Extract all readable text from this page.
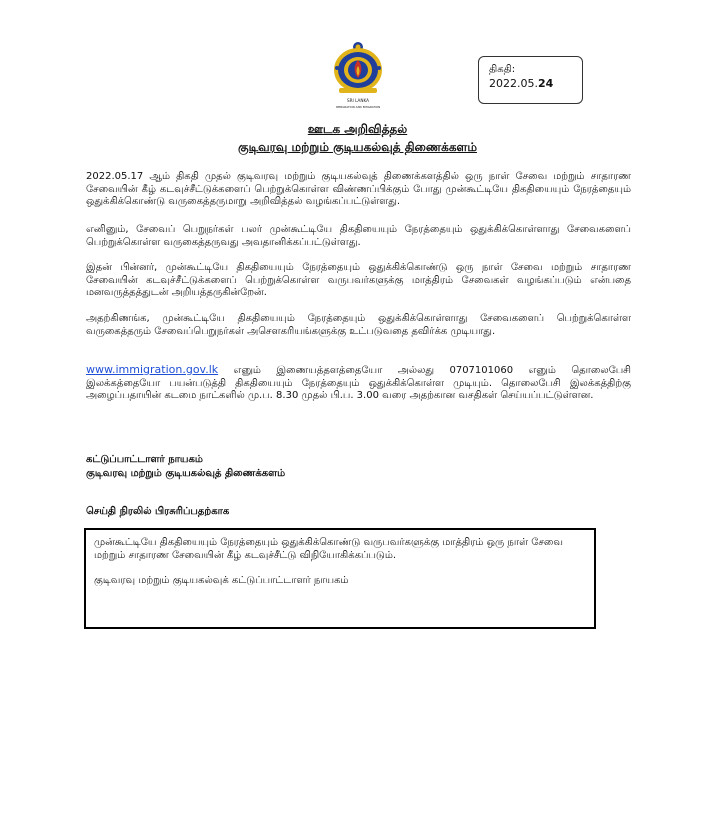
SRI LANKA
IMMIGRATION AND EMIGRATION
திகதி:
2022.05.24
ஊடக அறிவித்தல்
குடிவரவு மற்றும் குடியகல்வுத் திணைக்களம்

2022.05.17 ஆம் திகதி முதல் குடிவரவு மற்றும் குடியகல்வுத் திணைக்களத்தில் ஒரு நாள் சேவை மற்றும் சாதாரண சேவையின் கீழ் கடவுச்சீட்டுக்களைப் பெற்றுக்கொள்ள விண்ணப்பிக்கும் போது முன்கூட்டியே திகதியையும் நேரத்தையும் ஒதுக்கிக்கொண்டு வருகைத்தருமாறு அறிவித்தல் வழங்கப்பட்டுள்ளது.

எனினும், சேவைப் பெறுநர்கள் பலர் முன்கூட்டியே திகதியையும் நேரத்தையும் ஒதுக்கிக்கொள்ளாது சேவைகளைப் பெற்றுக்கொள்ள வருகைத்தருவது அவதானிக்கப்பட்டுள்ளது.

இதன் பின்னர், முன்கூட்டியே திகதியையும் நேரத்தையும் ஒதுக்கிக்கொண்டு ஒரு நாள் சேவை மற்றும் சாதாரண சேவையின் கடவுச்சீட்டுக்களைப் பெற்றுக்கொள்ள வருபவர்களுக்கு மாத்திரம் சேவைகள் வழங்கப்படும் என்பதை மனவருத்தத்துடன் அறியத்தருகின்றேன்.

அதற்கிணங்க, முன்கூட்டியே திகதியையும் நேரத்தையும் ஒதுக்கிக்கொள்ளாது சேவைகளைப் பெற்றுக்கொள்ள வருகைத்தரும் சேவைப்பெறுநர்கள் அசௌகரியங்களுக்கு உட்படுவதை தவிர்க்க முடியாது.

www.immigration.gov.lk எனும் இணையத்தளத்தையோ அல்லது 0707101060 எனும் தொலைபேசி இலக்கத்தையோ பயன்படுத்தி திகதியையும் நேரத்தையும் ஒதுக்கிக்கொள்ள முடியும். தொலைபேசி இலக்கத்திற்கு அழைப்பதாயின் கடமை நாட்களில் மு.ப. 8.30 முதல் பி.ப. 3.00 வரை அதற்கான வசதிகள் செய்யப்பட்டுள்ளன.

கட்டுப்பாட்டாளர் நாயகம்
குடிவரவு மற்றும் குடியகல்வுத் திணைக்களம்
செய்தி நிரலில் பிரசுரிப்பதற்காக

முன்கூட்டியே திகதியையும் நேரத்தையும் ஒதுக்கிக்கொண்டு வருபவர்களுக்கு மாத்திரம் ஒரு நாள் சேவை மற்றும் சாதாரண சேவையின் கீழ் கடவுச்சீட்டு விநியோகிக்கப்படும்.

குடிவரவு மற்றும் குடியகல்வுக் கட்டுப்பாட்டாளர் நாயகம்
